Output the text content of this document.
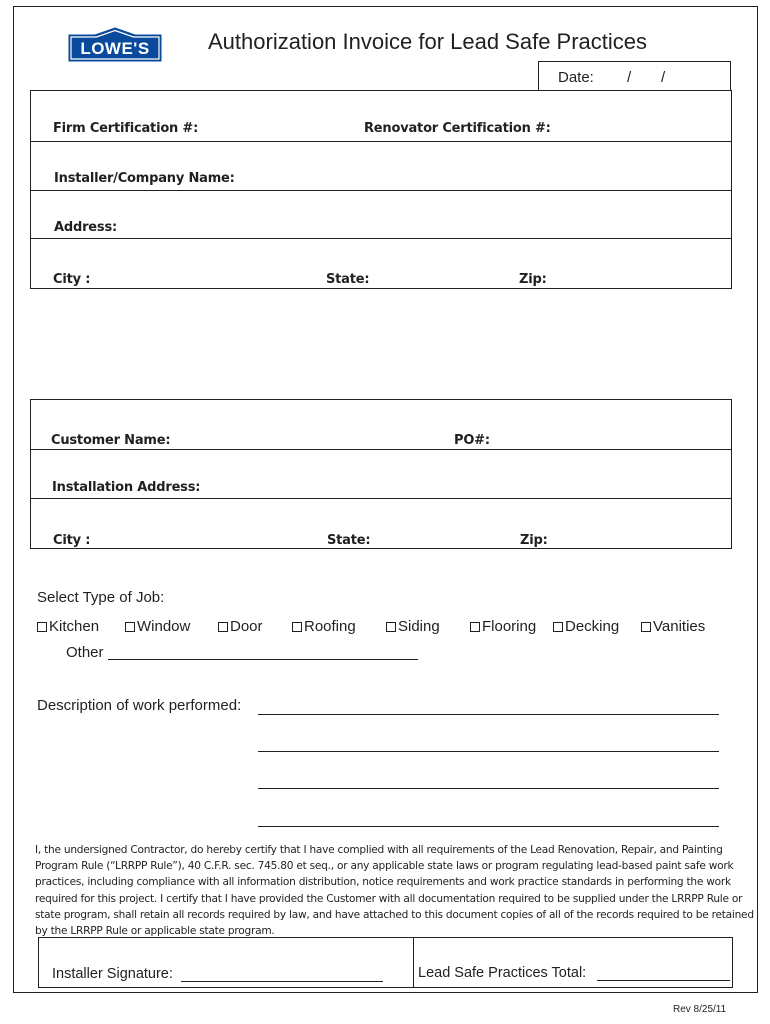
LOWE'S	Authorization Invoice for Lead Safe Practices
Date: / /
Firm Certification #:	Renovator Certification #:
Installer/Company Name:
Address:
City :	State:	Zip:
Customer Name:	PO#:
Installation Address:
City :	State:	Zip:
Select Type of Job:
Kitchen	Window	Door	Roofing	Siding	Flooring	Decking	Vanities
Other
Description of work performed:
I, the undersigned Contractor, do hereby certify that I have complied with all requirements of the Lead Renovation, Repair, and Painting Program Rule (“LRRPP Rule”), 40 C.F.R. sec. 745.80 et seq., or any applicable state laws or program regulating lead-based paint safe work practices, including compliance with all information distribution, notice requirements and work practice standards in performing the work required for this project. I certify that I have provided the Customer with all documentation required to be supplied under the LRRPP Rule or state program, shall retain all records required by law, and have attached to this document copies of all of the records required to be retained by the LRRPP Rule or applicable state program.
Installer Signature:	Lead Safe Practices Total:
Rev 8/25/11
